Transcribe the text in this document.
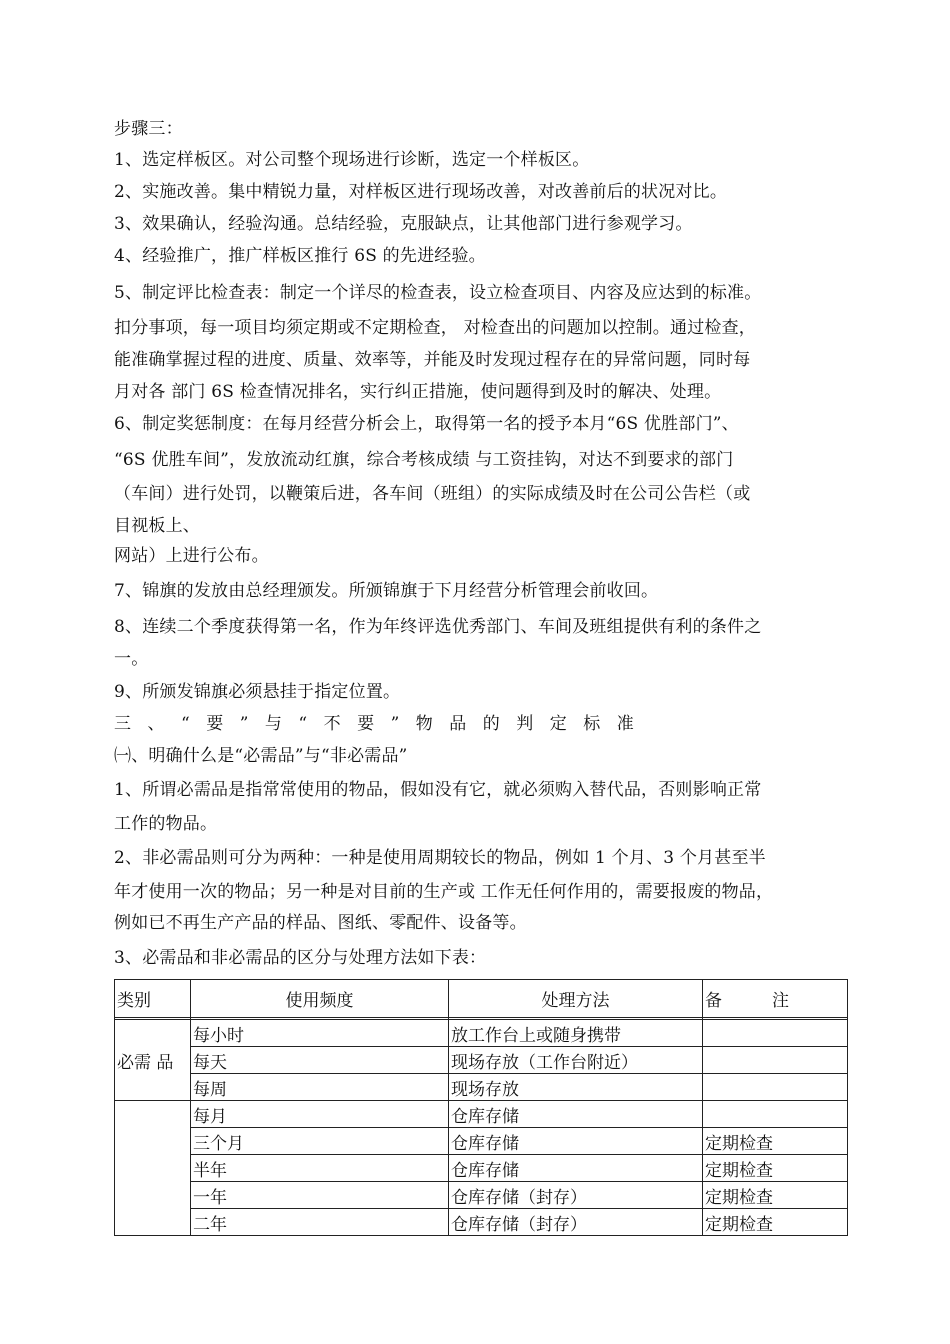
步骤三：
1、选定样板区。对公司整个现场进行诊断，选定一个样板区。
2、实施改善。集中精锐力量，对样板区进行现场改善，对改善前后的状况对比。
3、效果确认，经验沟通。总结经验，克服缺点，让其他部门进行参观学习。
4、经验推广，推广样板区推行 6S 的先进经验。
5、制定评比检查表：制定一个详尽的检查表，设立检查项目、内容及应达到的标准。
扣分事项，每一项目均须定期或不定期检查， 对检查出的问题加以控制。通过检查，
能准确掌握过程的进度、质量、效率等，并能及时发现过程存在的异常问题，同时每
月对各 部门 6S 检查情况排名，实行纠正措施，使问题得到及时的解决、处理。
6、制定奖惩制度：在每月经营分析会上，取得第一名的授予本月“6S 优胜部门”、
“6S 优胜车间”，发放流动红旗，综合考核成绩 与工资挂钩，对达不到要求的部门
（车间）进行处罚，以鞭策后进，各车间（班组）的实际成绩及时在公司公告栏（或
目视板上、
网站）上进行公布。
7、锦旗的发放由总经理颁发。所颁锦旗于下月经营分析管理会前收回。
8、连续二个季度获得第一名，作为年终评选优秀部门、车间及班组提供有利的条件之
一。
9、所颁发锦旗必须悬挂于指定位置。
三、“要”与“不要”物品的判定标准
㈠、明确什么是“必需品”与“非必需品”
1、所谓必需品是指常常使用的物品，假如没有它，就必须购入替代品，否则影响正常
工作的物品。
2、非必需品则可分为两种：一种是使用周期较长的物品，例如 1 个月、3 个月甚至半
年才使用一次的物品；另一种是对目前的生产或 工作无任何作用的，需要报废的物品，
例如已不再生产产品的样品、图纸、零配件、设备等。
3、必需品和非必需品的区分与处理方法如下表：
类别	使用频度	处理方法	备注

必需 品	每小时	放工作台上或随身携带	
	每天	现场存放（工作台附近）	
	每周	现场存放	
	每月	仓库存储	
	三个月	仓库存储	定期检查
	半年	仓库存储	定期检查
	一年	仓库存储（封存）	定期检查
	二年	仓库存储（封存）	定期检查
